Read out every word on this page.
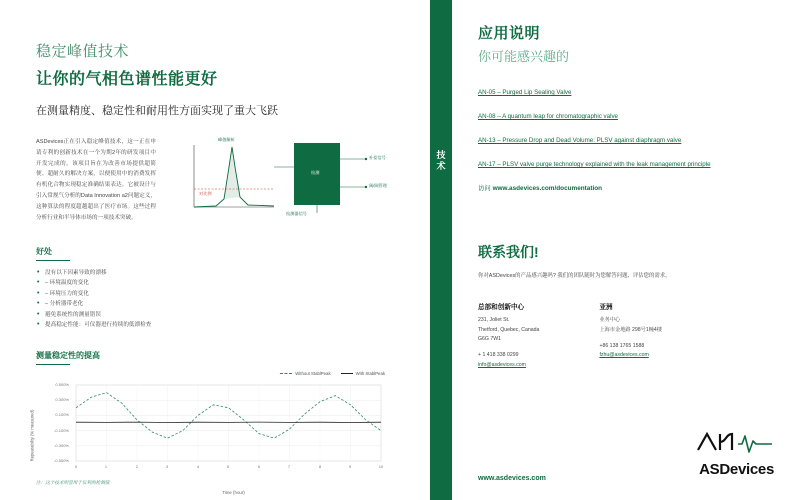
稳定峰值技术
让你的气相色谱性能更好
在测量精度、稳定性和耐用性方面实现了重大飞跃
ASDevices正在引入稳定峰值技术，这一正在申请专利的创新技术在一个为期2年的研发项目中开发完成的。该项目旨在为改善市场提供超简便、超耐久的解决方案，以便使用中的消费发挥有机化合物实现稳定准确结果表达。它被设计与引入常规气分析的Data Innovation a2问题定义，这种算法的程度超越超出了医疗市场。这些过程分析行业和半导体市场的一项技术突破。
峰值解析
检测
补偿信号
阀/阀管理
对比例
检测器信号
好处
• 没有以下因素导致的漂移
• – 环境温度的变化
• – 环境压力的变化
• – 分析器带老化
• 避免系统性的测量错误
• 提高稳定性能：可仪器进行持续的低漂检查
测量稳定性的提高
Without StablPeak	With StablPeak
Repeatability (% measured)
Time (hour)
0.500%
0.300%
0.100%
-0.100%
-0.300%
-0.500%
0	1	2	3	4	5	6	7	8	9	10
注：这个技术明显用于仪利的检测值
技术
应用说明
你可能感兴趣的
AN-05 – Purged Lip Sealing Valve
AN-08 – A quantum leap for chromatographic valve
AN-13 – Pressure Drop and Dead Volume: PLSV against diaphragm valve
AN-17 – PLSV valve purge technology explained with the leak management principle
访问 www.asdevices.com/documentation
联系我们!
你对ASDevices的产品感兴趣吗? 我们的团队随时为您解答问题、评估您的需求。
总部和创新中心
231, Joliet St.
Thetford, Quebec, Canada
G6G 7W1
+ 1 418 338 0299
info@asdevices.com
亚洲
业务中心
上海市金地路 298号1幢4楼
+86 138 1765 1588
fzhu@asdevices.com
www.asdevices.com
ASDevices
